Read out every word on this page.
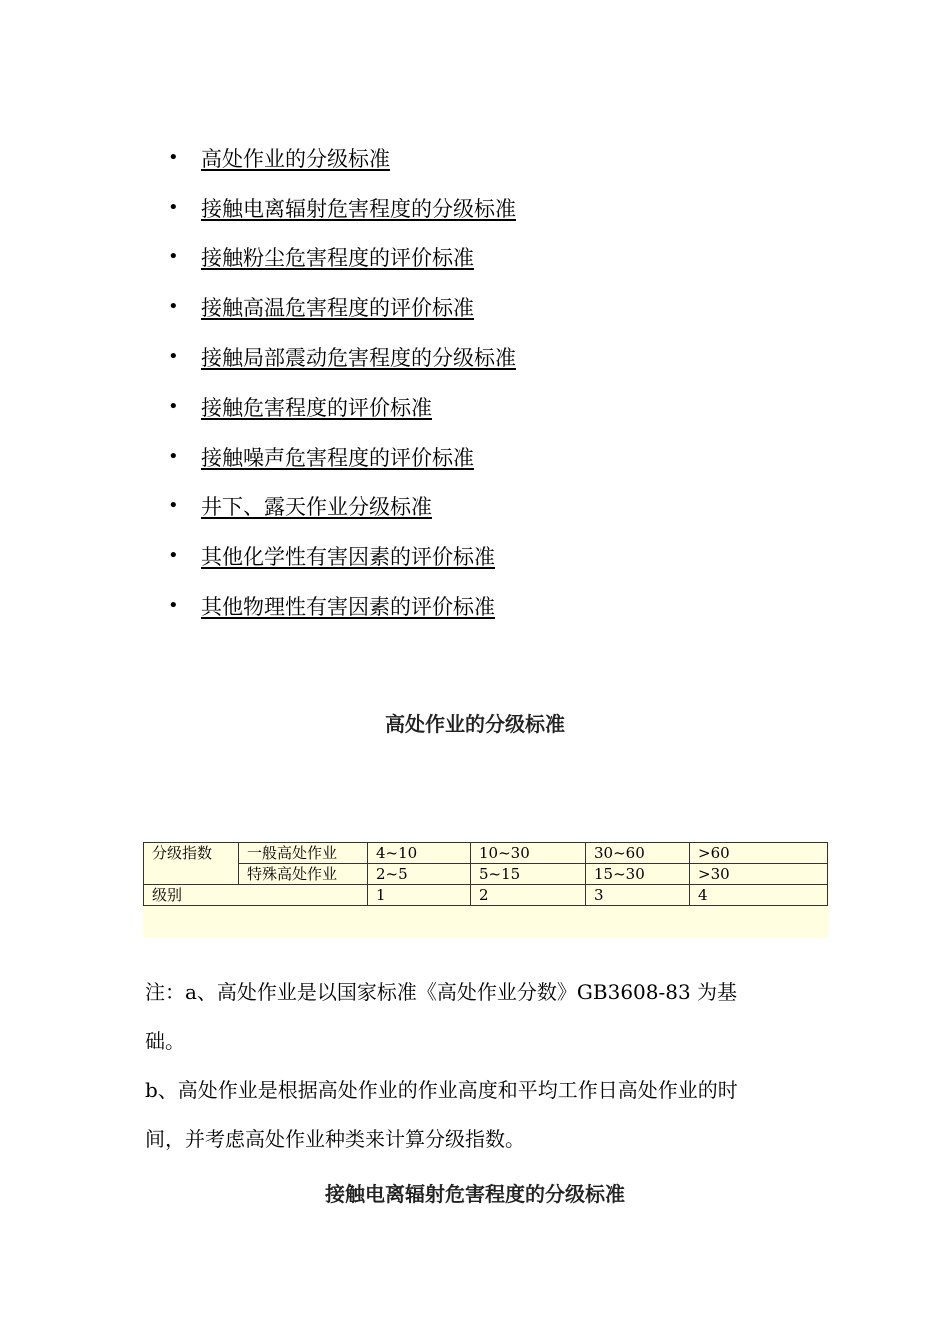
•	高处作业的分级标准
•	接触电离辐射危害程度的分级标准
•	接触粉尘危害程度的评价标准
•	接触高温危害程度的评价标准
•	接触局部震动危害程度的分级标准
•	接触危害程度的评价标准
•	接触噪声危害程度的评价标准
•	井下、露天作业分级标准
•	其他化学性有害因素的评价标准
•	其他物理性有害因素的评价标准
高处作业的分级标准
分级指数	一般高处作业	4~10	10~30	30~60	>60
	特殊高处作业	2~5	5~15	15~30	>30
级别		1	2	3	4

注：a、高处作业是以国家标准《高处作业分数》GB3608-83 为基

础。

b、高处作业是根据高处作业的作业高度和平均工作日高处作业的时

间，并考虑高处作业种类来计算分级指数。

接触电离辐射危害程度的分级标准
